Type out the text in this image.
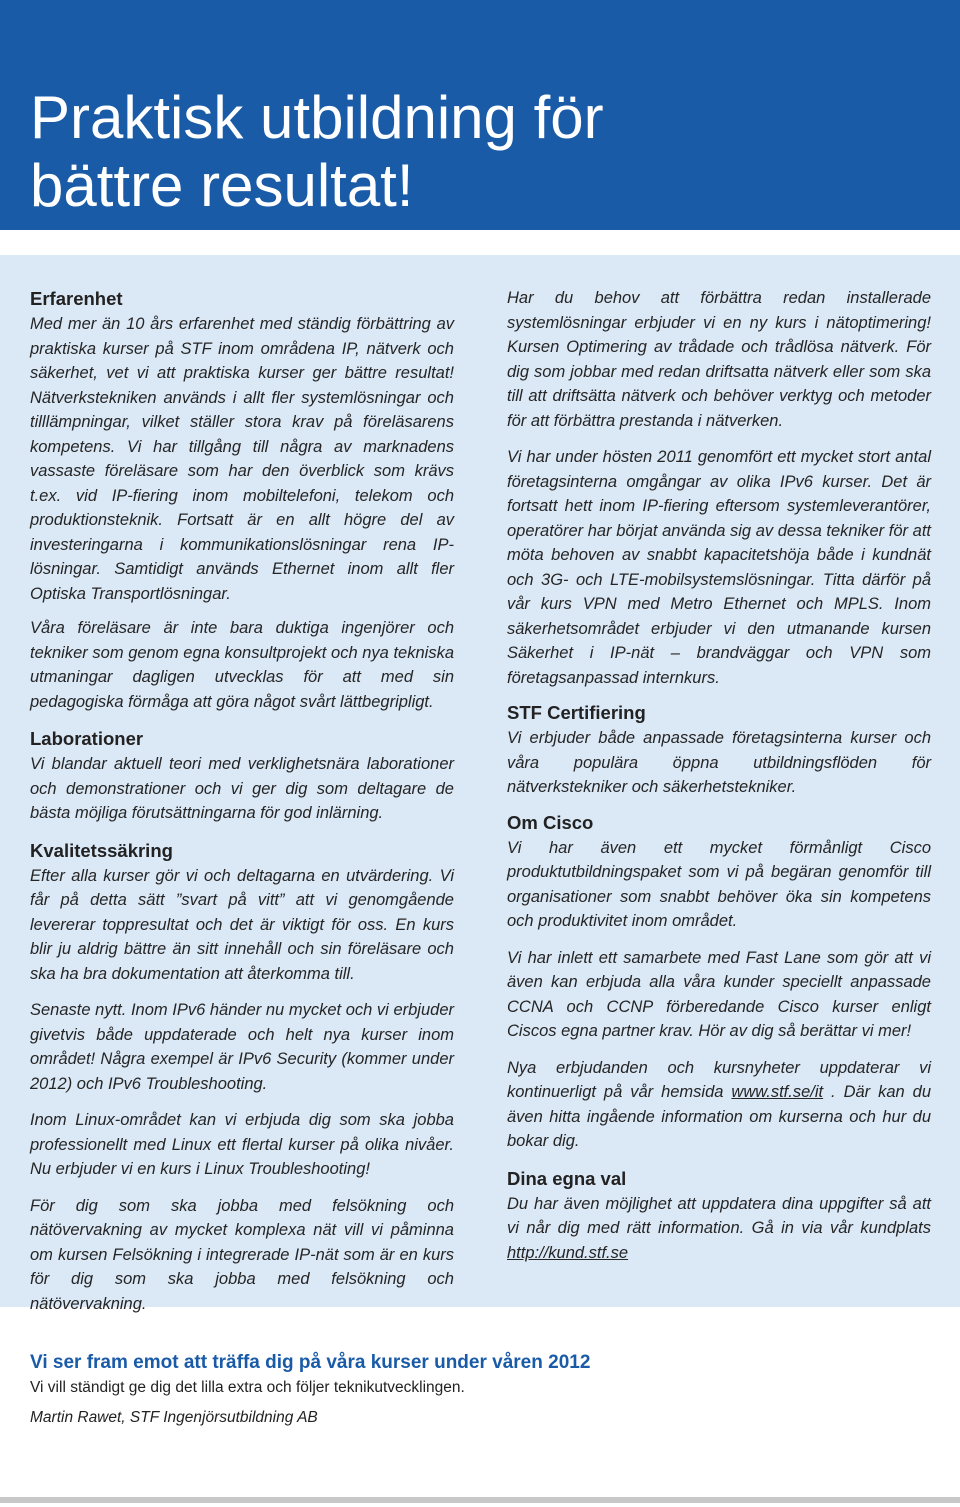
Praktisk utbildning för
bättre resultat!
Erfarenhet

Med mer än 10 års erfarenhet med ständig förbättring av praktiska kurser på STF inom områdena IP, nätverk och säkerhet, vet vi att praktiska kurser ger bättre resultat! Nätverkstekniken används i allt fler systemlösningar och tilllämpningar, vilket ställer stora krav på föreläsarens kompetens. Vi har tillgång till några av marknadens vassaste föreläsare som har den överblick som krävs t.ex. vid IP-fiering inom mobiltelefoni, telekom och produktionsteknik. Fortsatt är en allt högre del av investeringarna i kommunikationslösningar rena IP-lösningar. Samtidigt används Ethernet inom allt fler Optiska Transportlösningar.

Våra föreläsare är inte bara duktiga ingenjörer och tekniker som genom egna konsultprojekt och nya tekniska utmaningar dagligen utvecklas för att med sin pedagogiska förmåga att göra något svårt lättbegripligt.

Laborationer

Vi blandar aktuell teori med verklighetsnära laborationer och demonstrationer och vi ger dig som deltagare de bästa möjliga förutsättningarna för god inlärning.

Kvalitetssäkring

Efter alla kurser gör vi och deltagarna en utvärdering. Vi får på detta sätt ”svart på vitt” att vi genomgående levererar toppresultat och det är viktigt för oss. En kurs blir ju aldrig bättre än sitt innehåll och sin föreläsare och ska ha bra dokumentation att återkomma till.

Senaste nytt. Inom IPv6 händer nu mycket och vi erbjuder givetvis både uppdaterade och helt nya kurser inom området! Några exempel är IPv6 Security (kommer under 2012) och IPv6 Troubleshooting.

Inom Linux-området kan vi erbjuda dig som ska jobba professionellt med Linux ett flertal kurser på olika nivåer. Nu erbjuder vi en kurs i Linux Troubleshooting!

För dig som ska jobba med felsökning och nätövervakning av mycket komplexa nät vill vi påminna om kursen Felsökning i integrerade IP-nät som är en kurs för dig som ska jobba med felsökning och nätövervakning.

Har du behov att förbättra redan installerade systemlösningar erbjuder vi en ny kurs i nätoptimering! Kursen Optimering av trådade och trådlösa nätverk. För dig som jobbar med redan driftsatta nätverk eller som ska till att driftsätta nätverk och behöver verktyg och metoder för att förbättra prestanda i nätverken.

Vi har under hösten 2011 genomfört ett mycket stort antal företagsinterna omgångar av olika IPv6 kurser. Det är fortsatt hett inom IP-fiering eftersom systemleverantörer, operatörer har börjat använda sig av dessa tekniker för att möta behoven av snabbt kapacitetshöja både i kundnät och 3G- och LTE-mobilsystemslösningar. Titta därför på vår kurs VPN med Metro Ethernet och MPLS. Inom säkerhetsområdet erbjuder vi den utmanande kursen Säkerhet i IP-nät – brandväggar och VPN som företagsanpassad internkurs.

STF Certifiering

Vi erbjuder både anpassade företagsinterna kurser och våra populära öppna utbildningsflöden för nätverkstekniker och säkerhetstekniker.

Om Cisco

Vi har även ett mycket förmånligt Cisco produktutbildningspaket som vi på begäran genomför till organisationer som snabbt behöver öka sin kompetens och produktivitet inom området.

Vi har inlett ett samarbete med Fast Lane som gör att vi även kan erbjuda alla våra kunder speciellt anpassade CCNA och CCNP förberedande Cisco kurser enligt Ciscos egna partner krav. Hör av dig så berättar vi mer!

Nya erbjudanden och kursnyheter uppdaterar vi kontinuerligt på vår hemsida www.stf.se/it . Där kan du även hitta ingående information om kurserna och hur du bokar dig.

Dina egna val

Du har även möjlighet att uppdatera dina uppgifter så att vi når dig med rätt information. Gå in via vår kundplats http://kund.stf.se

Vi ser fram emot att träffa dig på våra kurser under våren 2012

Vi vill ständigt ge dig det lilla extra och följer teknikutvecklingen.

Martin Rawet, STF Ingenjörsutbildning AB
